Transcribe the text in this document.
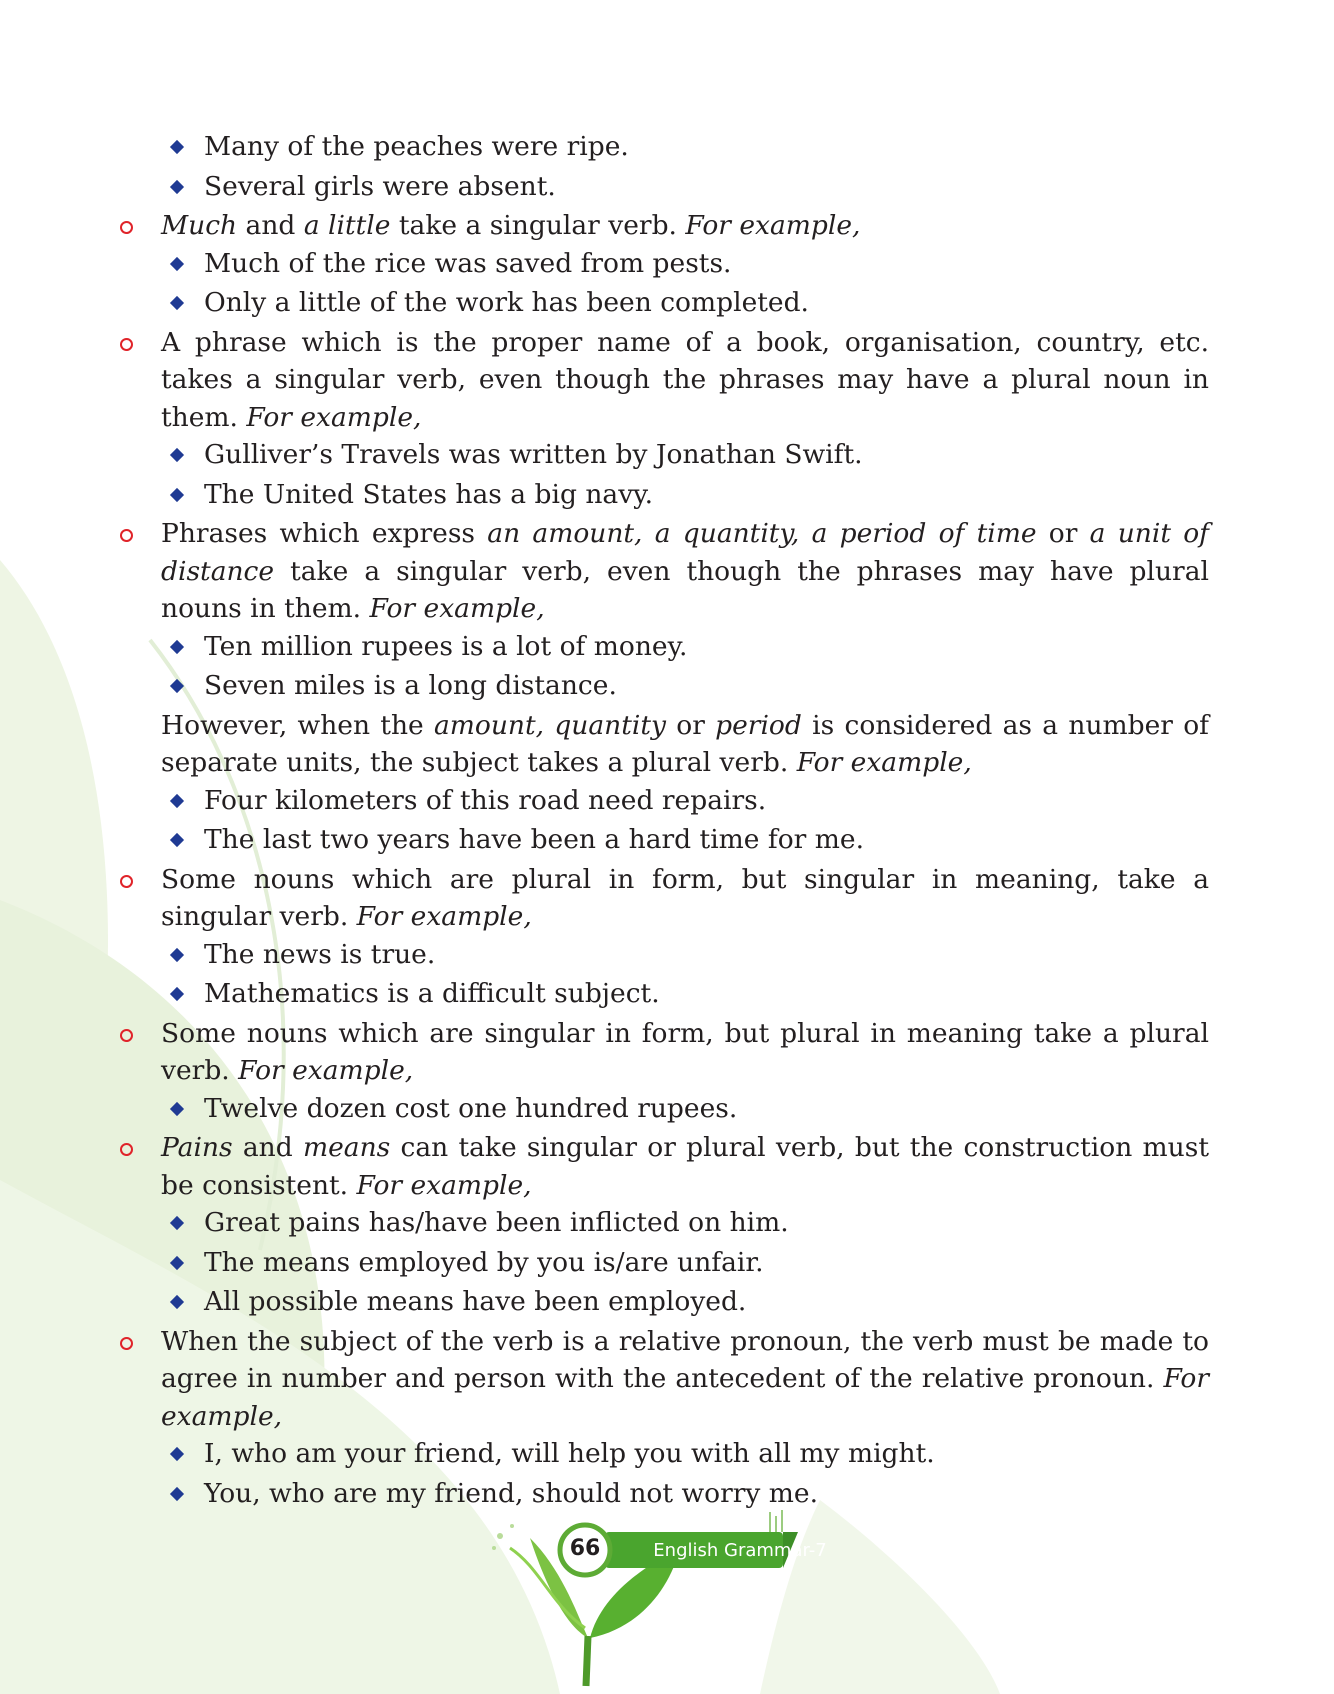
Many of the peaches were ripe.
Several girls were absent.
Much and a little take a singular verb. For example,
Much of the rice was saved from pests.
Only a little of the work has been completed.
A phrase which is the proper name of a book, organisation, country, etc. takes a singular verb, even though the phrases may have a plural noun in them. For example,
Gulliver’s Travels was written by Jonathan Swift.
The United States has a big navy.
Phrases which express an amount, a quantity, a period of time or a unit of distance take a singular verb, even though the phrases may have plural nouns in them. For example,
Ten million rupees is a lot of money.
Seven miles is a long distance.
However, when the amount, quantity or period is considered as a number of separate units, the subject takes a plural verb. For example,
Four kilometers of this road need repairs.
The last two years have been a hard time for me.
Some nouns which are plural in form, but singular in meaning, take a singular verb. For example,
The news is true.
Mathematics is a difficult subject.
Some nouns which are singular in form, but plural in meaning take a plural verb. For example,
Twelve dozen cost one hundred rupees.
Pains and means can take singular or plural verb, but the construction must be consistent. For example,
Great pains has/have been inflicted on him.
The means employed by you is/are unfair.
All possible means have been employed.
When the subject of the verb is a relative pronoun, the verb must be made to agree in number and person with the antecedent of the relative pronoun. For example,
I, who am your friend, will help you with all my might.
You, who are my friend, should not worry me.
66	English Grammar-7
